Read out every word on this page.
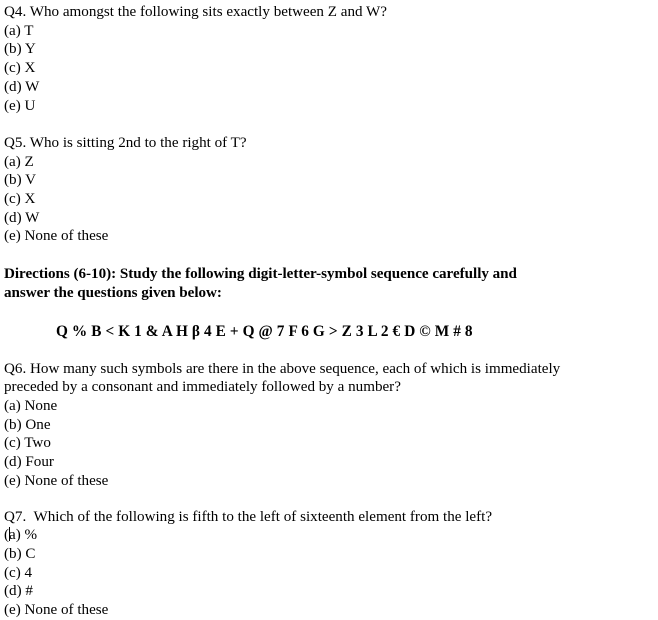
Q4. Who amongst the following sits exactly between Z and W?
(a) T
(b) Y
(c) X
(d) W
(e) U
Q5. Who is sitting 2nd to the right of T?
(a) Z
(b) V
(c) X
(d) W
(e) None of these
Directions (6-10): Study the following digit-letter-symbol sequence carefully and
answer the questions given below:
Q % B < K 1 & A H β 4 E + Q @ 7 F 6 G > Z 3 L 2 € D © M # 8
Q6. How many such symbols are there in the above sequence, each of which is immediately
preceded by a consonant and immediately followed by a number?
(a) None
(b) One
(c) Two
(d) Four
(e) None of these
Q7.  Which of the following is fifth to the left of sixteenth element from the left?
(a) %
(b) C
(c) 4
(d) #
(e) None of these
